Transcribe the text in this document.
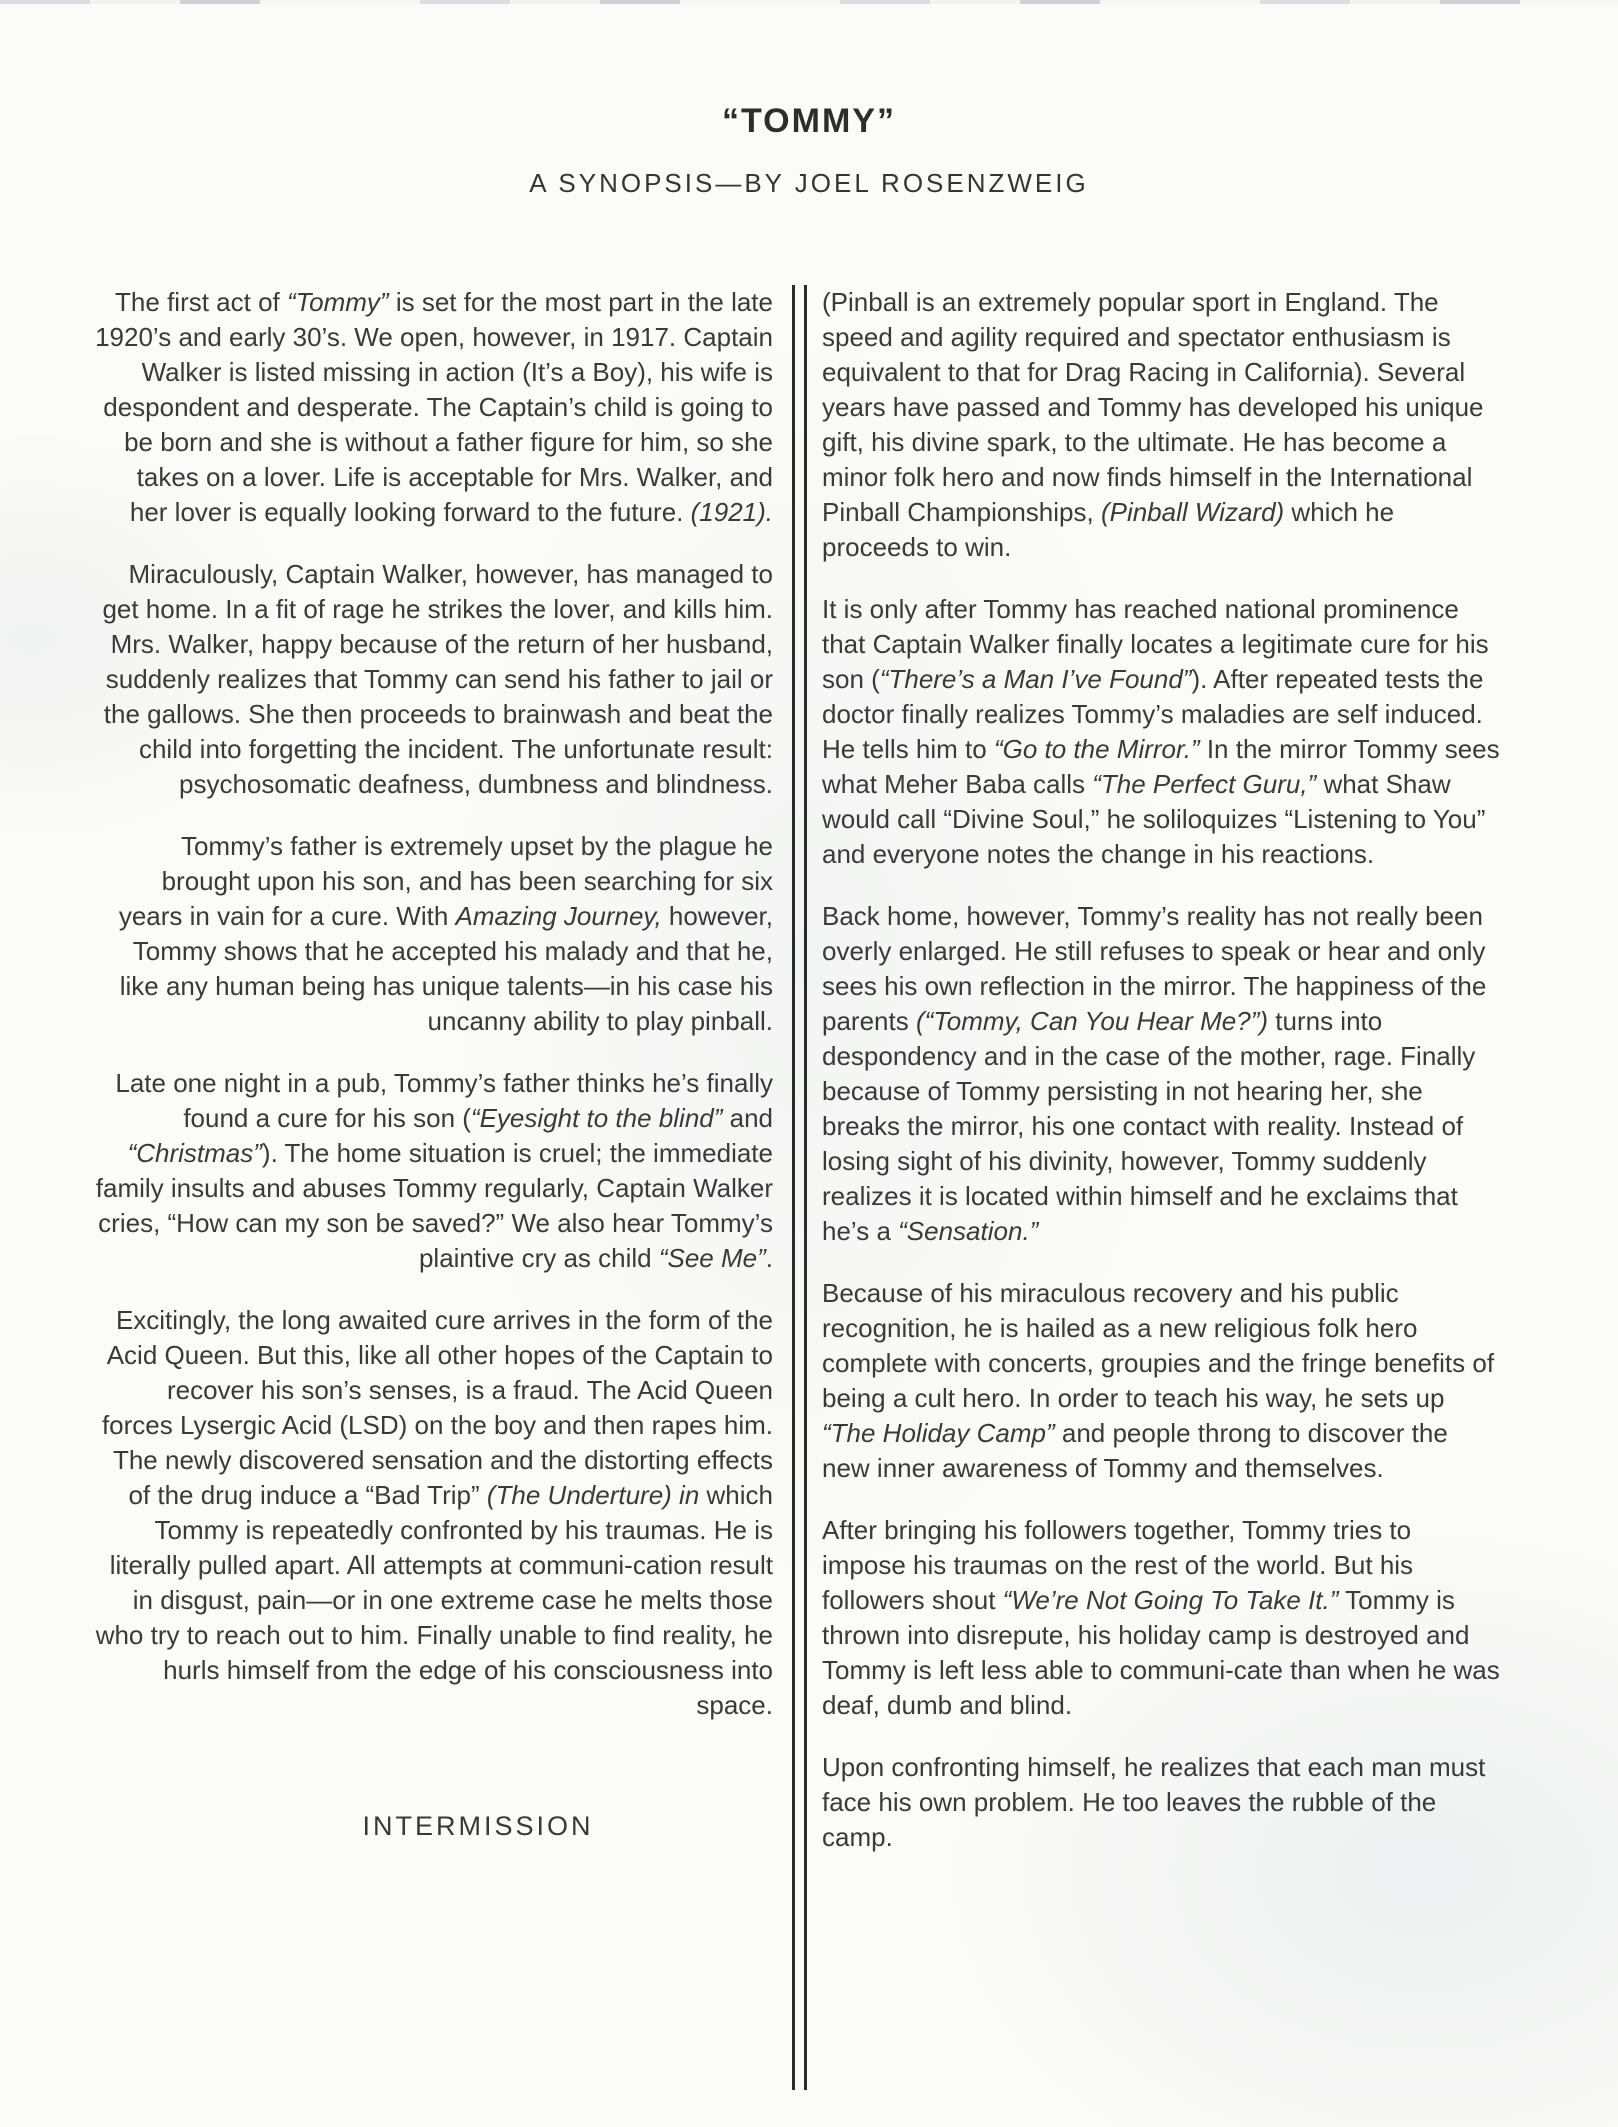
“TOMMY”
A SYNOPSIS—BY JOEL ROSENZWEIG

The first act of “Tommy” is set for the most part in the late 1920’s and early 30’s. We open, however, in 1917. Captain Walker is listed missing in action (It’s a Boy), his wife is despondent and desperate. The Captain’s child is going to be born and she is without a father figure for him, so she takes on a lover. Life is acceptable for Mrs. Walker, and her lover is equally looking forward to the future. (1921).

Miraculously, Captain Walker, however, has managed to get home. In a fit of rage he strikes the lover, and kills him. Mrs. Walker, happy because of the return of her husband, suddenly realizes that Tommy can send his father to jail or the gallows. She then proceeds to brainwash and beat the child into forgetting the incident. The unfortunate result: psychosomatic deafness, dumbness and blindness.

Tommy’s father is extremely upset by the plague he brought upon his son, and has been searching for six years in vain for a cure. With Amazing Journey, however, Tommy shows that he accepted his malady and that he, like any human being has unique talents—in his case his uncanny ability to play pinball.

Late one night in a pub, Tommy’s father thinks he’s finally found a cure for his son (“Eyesight to the blind” and “Christmas”). The home situation is cruel; the immediate family insults and abuses Tommy regularly, Captain Walker cries, “How can my son be saved?” We also hear Tommy’s plaintive cry as child “See Me”.

Excitingly, the long awaited cure arrives in the form of the Acid Queen. But this, like all other hopes of the Captain to recover his son’s senses, is a fraud. The Acid Queen forces Lysergic Acid (LSD) on the boy and then rapes him. The newly discovered sensation and the distorting effects of the drug induce a “Bad Trip” (The Underture) in which Tommy is repeatedly confronted by his traumas. He is literally pulled apart. All attempts at communi-cation result in disgust, pain—or in one extreme case he melts those who try to reach out to him. Finally unable to find reality, he hurls himself from the edge of his consciousness into space.

INTERMISSION

(Pinball is an extremely popular sport in England. The speed and agility required and spectator enthusiasm is equivalent to that for Drag Racing in California). Several years have passed and Tommy has developed his unique gift, his divine spark, to the ultimate. He has become a minor folk hero and now finds himself in the International Pinball Championships, (Pinball Wizard) which he proceeds to win.

It is only after Tommy has reached national prominence that Captain Walker finally locates a legitimate cure for his son (“There’s a Man I’ve Found”). After repeated tests the doctor finally realizes Tommy’s maladies are self induced. He tells him to “Go to the Mirror.” In the mirror Tommy sees what Meher Baba calls “The Perfect Guru,” what Shaw would call “Divine Soul,” he soliloquizes “Listening to You” and everyone notes the change in his reactions.

Back home, however, Tommy’s reality has not really been overly enlarged. He still refuses to speak or hear and only sees his own reflection in the mirror. The happiness of the parents (“Tommy, Can You Hear Me?”) turns into despondency and in the case of the mother, rage. Finally because of Tommy persisting in not hearing her, she breaks the mirror, his one contact with reality. Instead of losing sight of his divinity, however, Tommy suddenly realizes it is located within himself and he exclaims that he’s a “Sensation.”

Because of his miraculous recovery and his public recognition, he is hailed as a new religious folk hero complete with concerts, groupies and the fringe benefits of being a cult hero. In order to teach his way, he sets up “The Holiday Camp” and people throng to discover the new inner awareness of Tommy and themselves.

After bringing his followers together, Tommy tries to impose his traumas on the rest of the world. But his followers shout “We’re Not Going To Take It.” Tommy is thrown into disrepute, his holiday camp is destroyed and Tommy is left less able to communi-cate than when he was deaf, dumb and blind.

Upon confronting himself, he realizes that each man must face his own problem. He too leaves the rubble of the camp.
